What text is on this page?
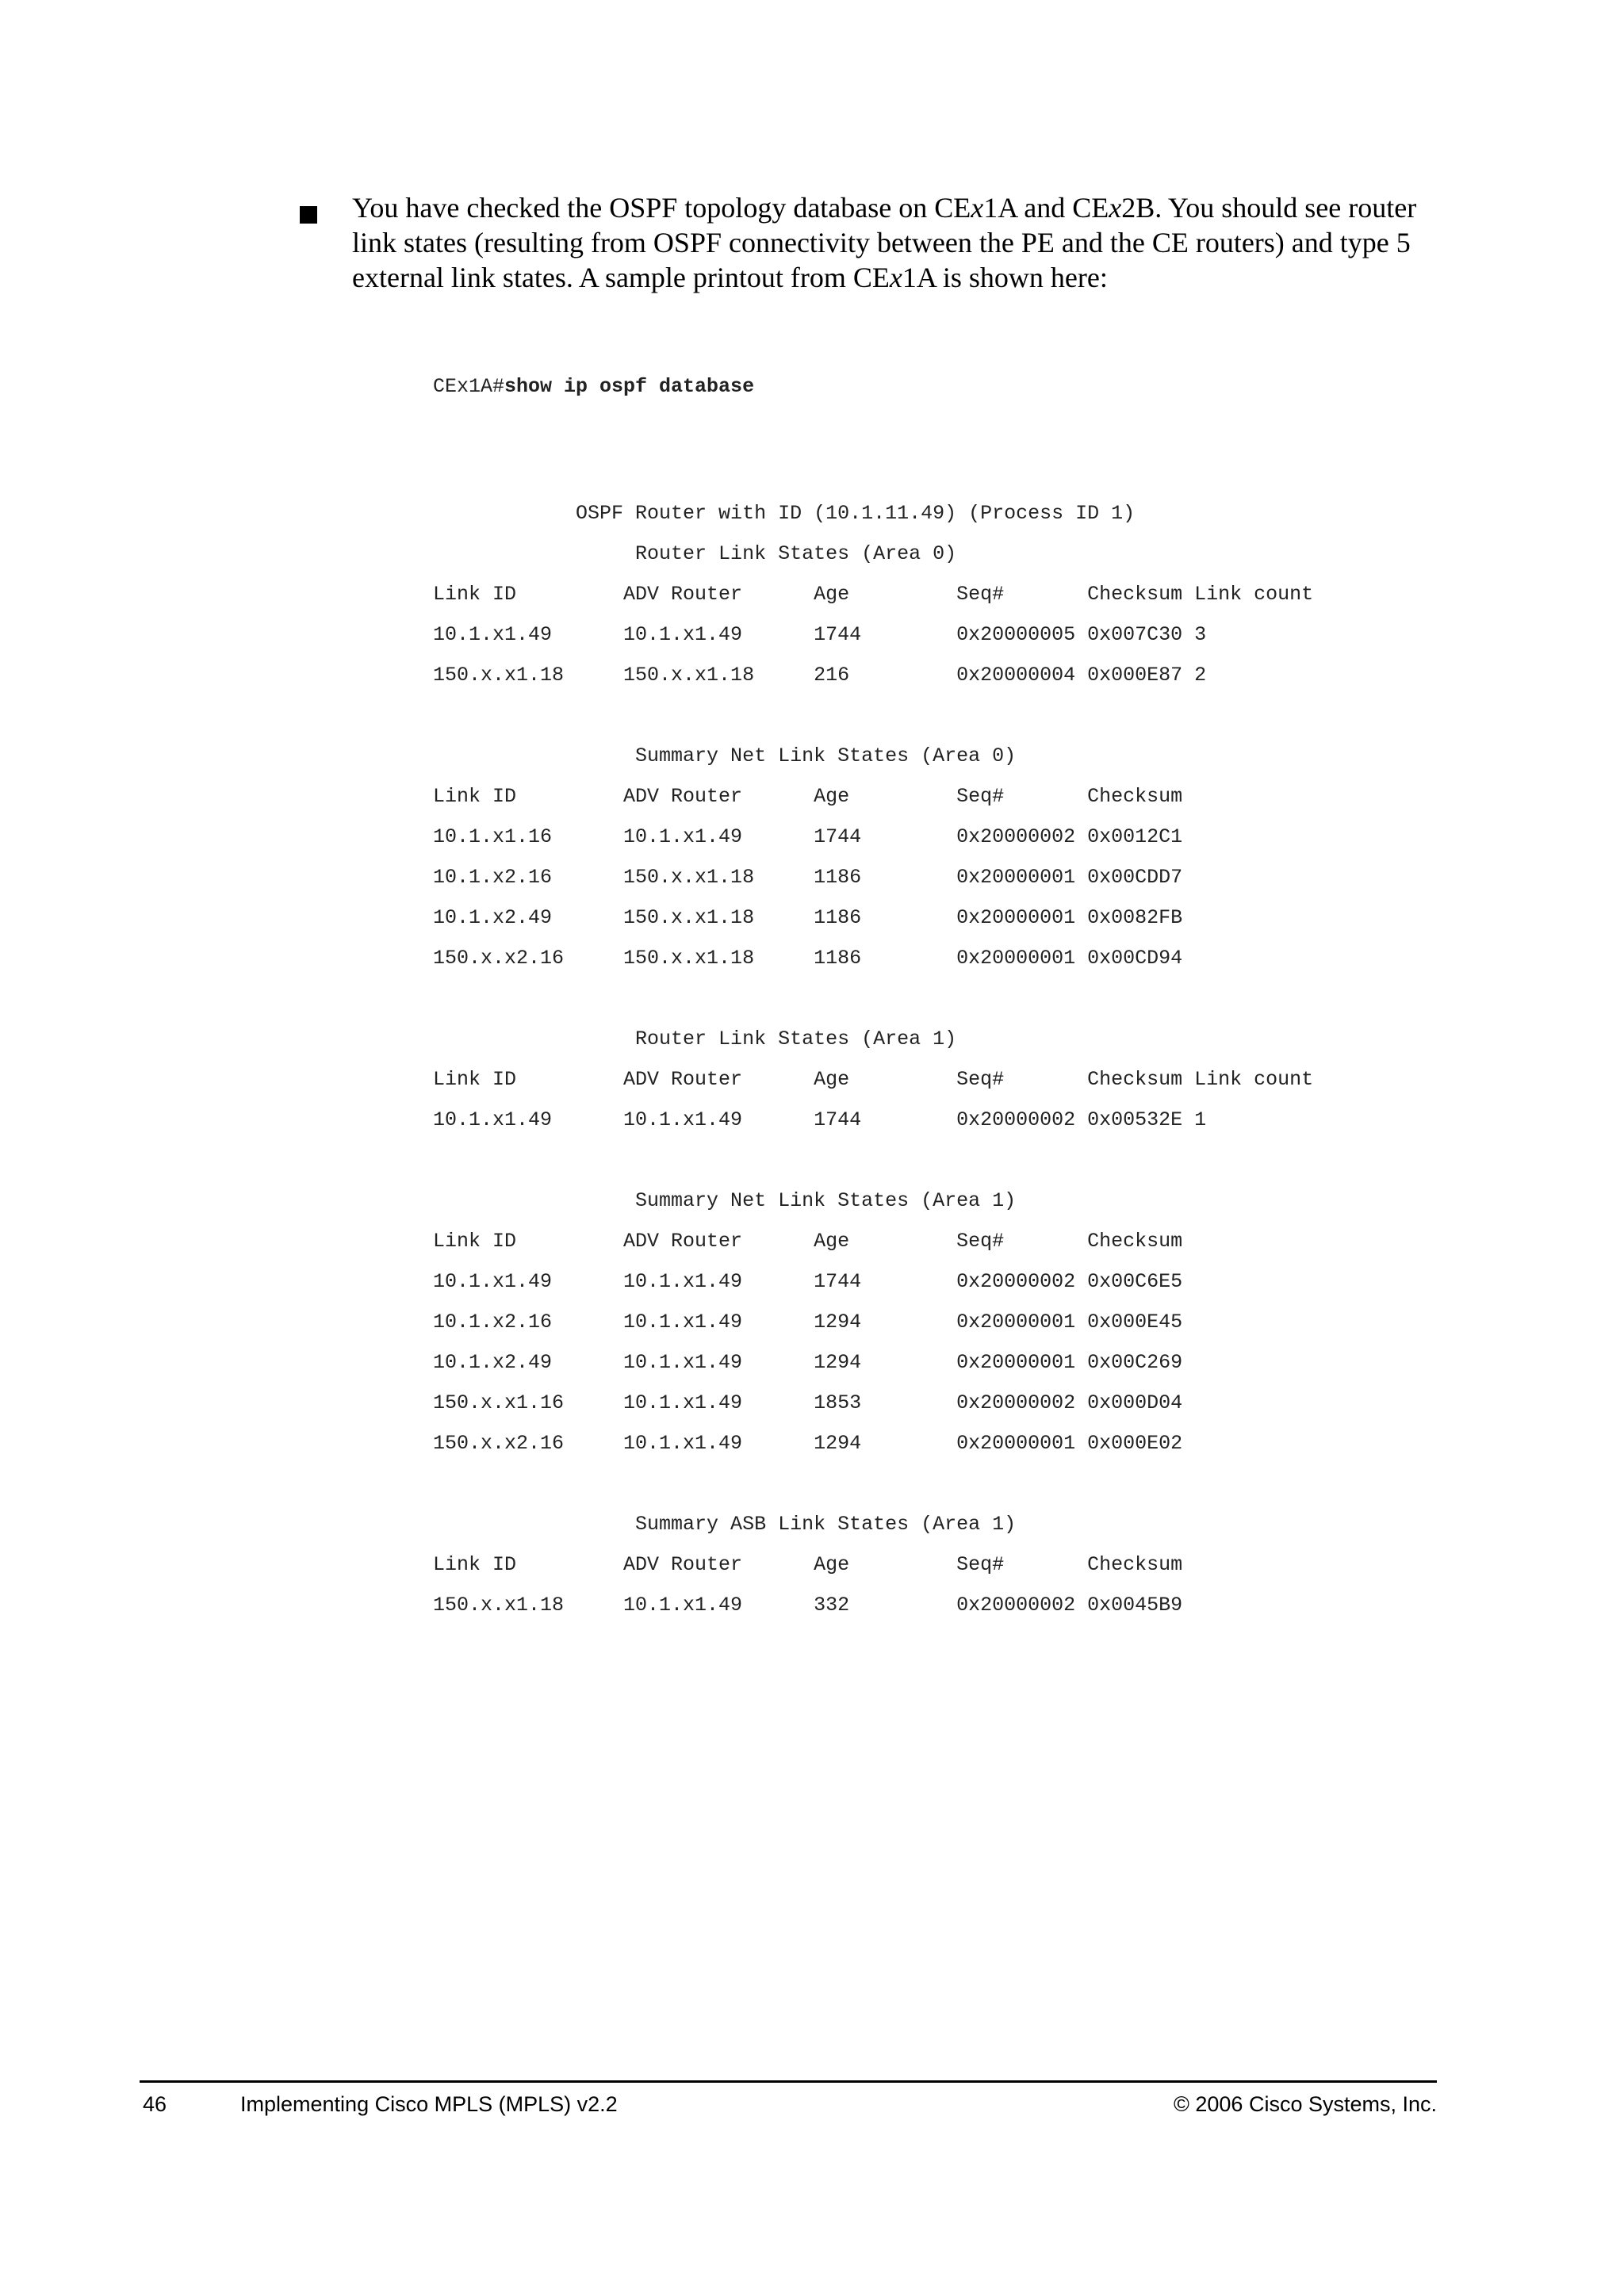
You have checked the OSPF topology database on CEx1A and CEx2B. You should see router link states (resulting from OSPF connectivity between the PE and the CE routers) and type 5 external link states. A sample printout from CEx1A is shown here:

CEx1A#show ip ospf database

OSPF Router with ID (10.1.11.49) (Process ID 1)
Router Link States (Area 0)
Link ID         ADV Router      Age         Seq#       Checksum Link count
10.1.x1.49      10.1.x1.49      1744        0x20000005 0x007C30 3
150.x.x1.18     150.x.x1.18     216         0x20000004 0x000E87 2
Summary Net Link States (Area 0)
Link ID         ADV Router      Age         Seq#       Checksum
10.1.x1.16      10.1.x1.49      1744        0x20000002 0x0012C1
10.1.x2.16      150.x.x1.18     1186        0x20000001 0x00CDD7
10.1.x2.49      150.x.x1.18     1186        0x20000001 0x0082FB
150.x.x2.16     150.x.x1.18     1186        0x20000001 0x00CD94
Router Link States (Area 1)
Link ID         ADV Router      Age         Seq#       Checksum Link count
10.1.x1.49      10.1.x1.49      1744        0x20000002 0x00532E 1
Summary Net Link States (Area 1)
Link ID         ADV Router      Age         Seq#       Checksum
10.1.x1.49      10.1.x1.49      1744        0x20000002 0x00C6E5
10.1.x2.16      10.1.x1.49      1294        0x20000001 0x000E45
10.1.x2.49      10.1.x1.49      1294        0x20000001 0x00C269
150.x.x1.16     10.1.x1.49      1853        0x20000002 0x000D04
150.x.x2.16     10.1.x1.49      1294        0x20000001 0x000E02
Summary ASB Link States (Area 1)
Link ID         ADV Router      Age         Seq#       Checksum
150.x.x1.18     10.1.x1.49      332         0x20000002 0x0045B9

46	Implementing Cisco MPLS (MPLS) v2.2	© 2006 Cisco Systems, Inc.
